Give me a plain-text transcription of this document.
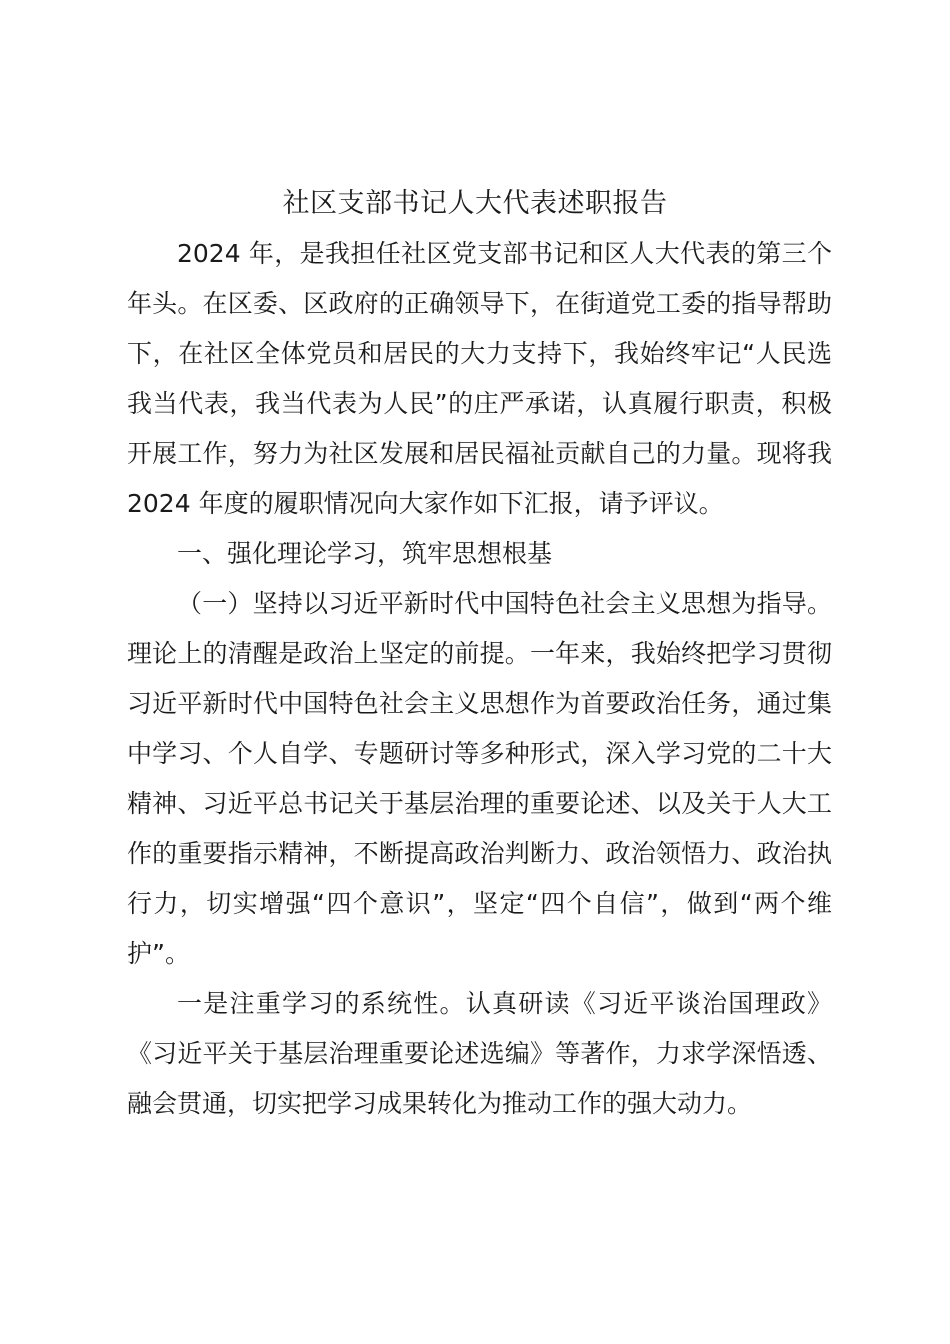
社区支部书记人大代表述职报告

2024 年，是我担任社区党支部书记和区人大代表的第三个年头。在区委、区政府的正确领导下，在街道党工委的指导帮助下，在社区全体党员和居民的大力支持下，我始终牢记“人民选我当代表，我当代表为人民”的庄严承诺，认真履行职责，积极开展工作，努力为社区发展和居民福祉贡献自己的力量。现将我 2024 年度的履职情况向大家作如下汇报，请予评议。

一、强化理论学习，筑牢思想根基

（一）坚持以习近平新时代中国特色社会主义思想为指导。理论上的清醒是政治上坚定的前提。一年来，我始终把学习贯彻习近平新时代中国特色社会主义思想作为首要政治任务，通过集中学习、个人自学、专题研讨等多种形式，深入学习党的二十大精神、习近平总书记关于基层治理的重要论述、以及关于人大工作的重要指示精神，不断提高政治判断力、政治领悟力、政治执行力，切实增强“四个意识”，坚定“四个自信”，做到“两个维护”。

一是注重学习的系统性。认真研读《习近平谈治国理政》《习近平关于基层治理重要论述选编》等著作，力求学深悟透、融会贯通，切实把学习成果转化为推动工作的强大动力。
